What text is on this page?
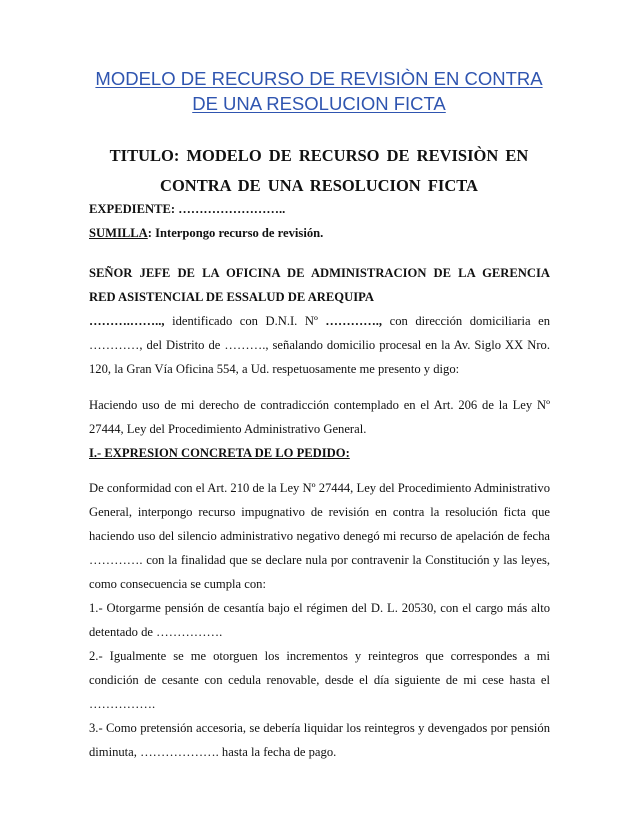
MODELO DE RECURSO DE REVISIÒN EN CONTRA
DE UNA RESOLUCION FICTA
TITULO: MODELO DE RECURSO DE REVISIÒN EN
CONTRA DE UNA RESOLUCION FICTA
EXPEDIENTE: ……………………..
SUMILLA: Interpongo recurso de revisión.
SEÑOR JEFE DE LA OFICINA DE ADMINISTRACION DE LA GERENCIA
RED ASISTENCIAL DE ESSALUD DE AREQUIPA
……….…….., identificado con D.N.I. Nº …………., con dirección domiciliaria en
…………, del Distrito de ………., señalando domicilio procesal en la Av. Siglo XX Nro.
120, la Gran Vía Oficina 554, a Ud. respetuosamente me presento y digo:
Haciendo uso de mi derecho de contradicción contemplado en el Art. 206 de la Ley Nº
27444, Ley del Procedimiento Administrativo General.
I.- EXPRESION CONCRETA DE LO PEDIDO:
De conformidad con el Art. 210 de la Ley Nº 27444, Ley del Procedimiento Administrativo
General, interpongo recurso impugnativo de revisión en contra la resolución ficta que
haciendo uso del silencio administrativo negativo denegó mi recurso de apelación de fecha
…………. con la finalidad que se declare nula por contravenir la Constitución y las leyes,
como consecuencia se cumpla con:
1.- Otorgarme pensión de cesantía bajo el régimen del D. L. 20530, con el cargo más alto
detentado de …………….
2.- Igualmente se me otorguen los incrementos y reintegros que correspondes a mi
condición de cesante con cedula renovable, desde el día siguiente de mi cese hasta el
…………….
3.- Como pretensión accesoria, se debería liquidar los reintegros y devengados por pensión
diminuta, ………………. hasta la fecha de pago.
